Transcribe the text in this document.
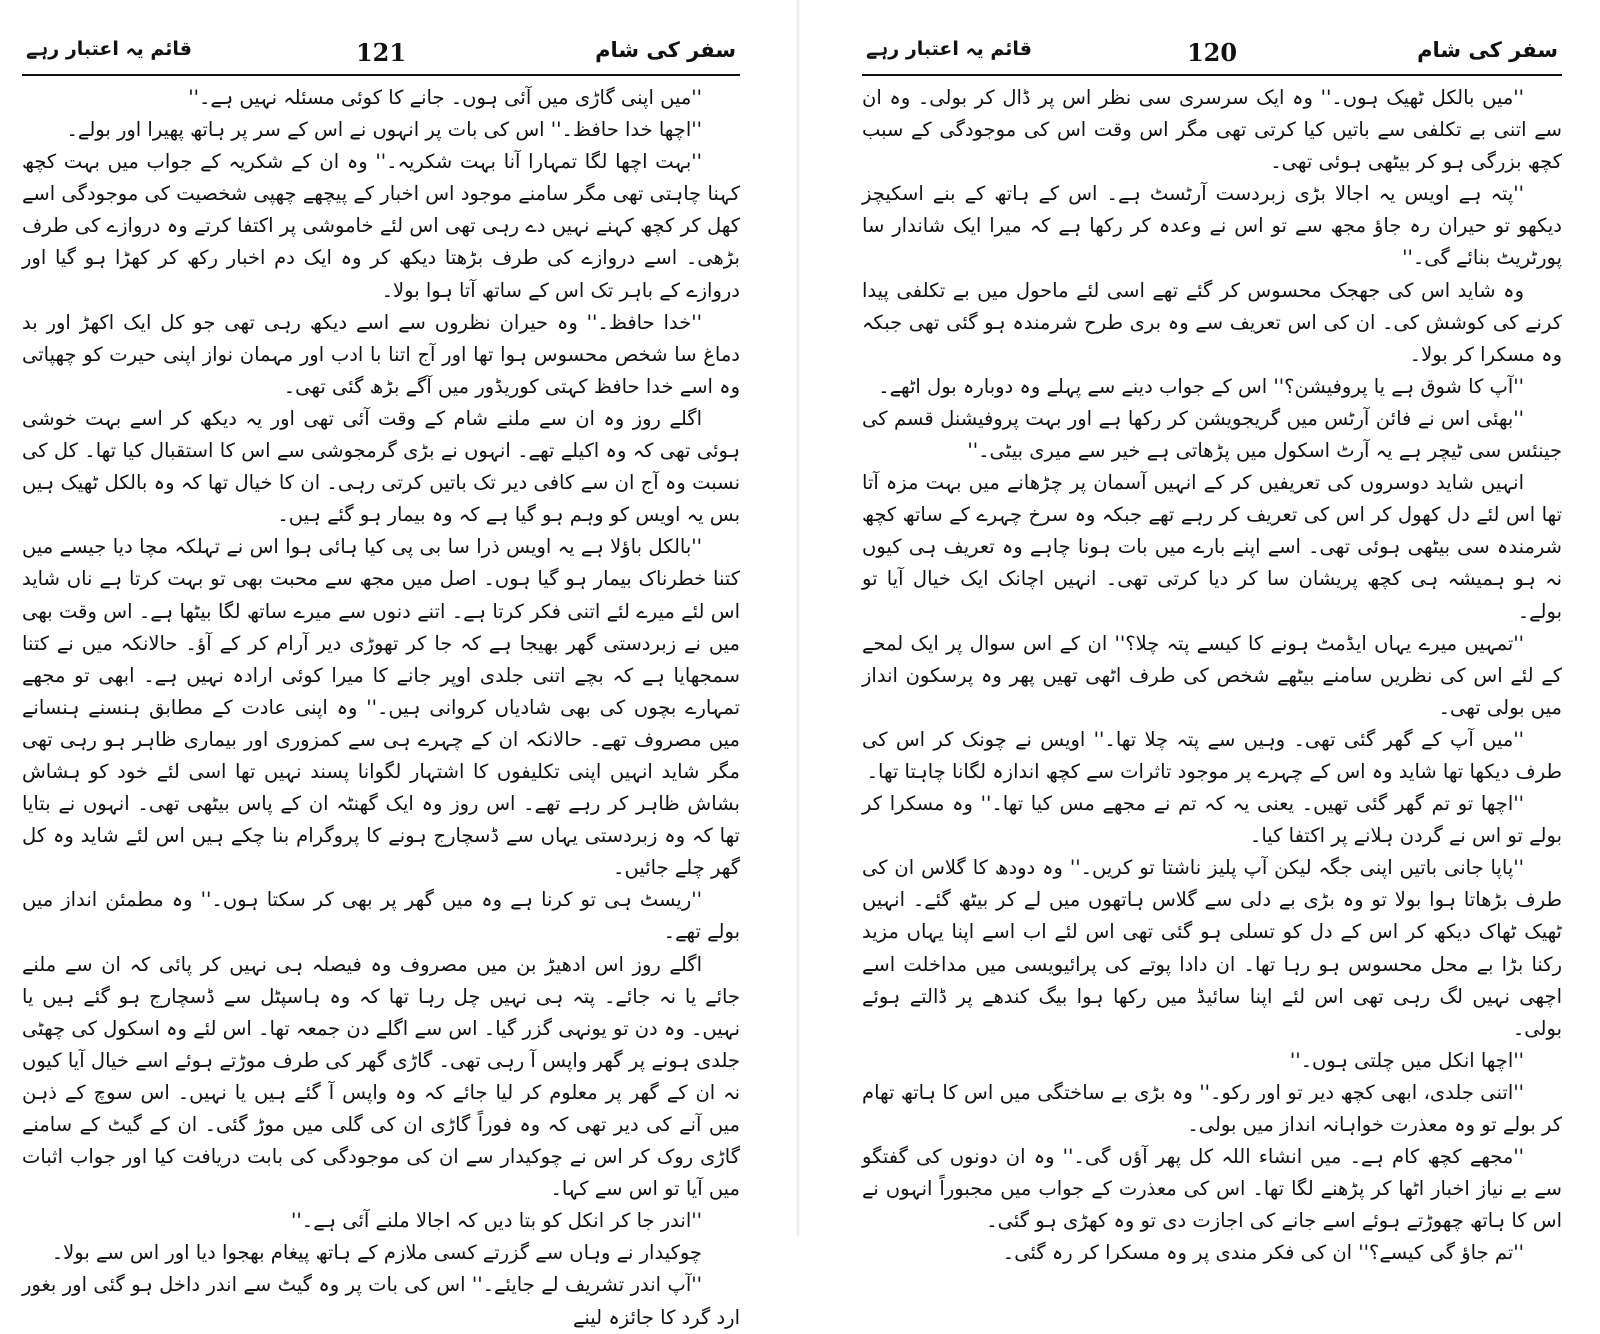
قائم یہ اعتبار رہے	121	سفر کی شام

''میں اپنی گاڑی میں آئی ہوں۔ جانے کا کوئی مسئلہ نہیں ہے۔''

''اچھا خدا حافظ۔'' اس کی بات پر انہوں نے اس کے سر پر ہاتھ پھیرا اور بولے۔

''بہت اچھا لگا تمہارا آنا بہت شکریہ۔'' وہ ان کے شکریہ کے جواب میں بہت کچھ کہنا چاہتی تھی مگر سامنے موجود اس اخبار کے پیچھے چھپی شخصیت کی موجودگی اسے کھل کر کچھ کہنے نہیں دے رہی تھی اس لئے خاموشی پر اکتفا کرتے وہ دروازے کی طرف بڑھی۔ اسے دروازے کی طرف بڑھتا دیکھ کر وہ ایک دم اخبار رکھ کر کھڑا ہو گیا اور دروازے کے باہر تک اس کے ساتھ آتا ہوا بولا۔

''خدا حافظ۔'' وہ حیران نظروں سے اسے دیکھ رہی تھی جو کل ایک اکھڑ اور بد دماغ سا شخص محسوس ہوا تھا اور آج اتنا با ادب اور مہمان نواز اپنی حیرت کو چھپاتی وہ اسے خدا حافظ کہتی کوریڈور میں آگے بڑھ گئی تھی۔

اگلے روز وہ ان سے ملنے شام کے وقت آئی تھی اور یہ دیکھ کر اسے بہت خوشی ہوئی تھی کہ وہ اکیلے تھے۔ انہوں نے بڑی گرمجوشی سے اس کا استقبال کیا تھا۔ کل کی نسبت وہ آج ان سے کافی دیر تک باتیں کرتی رہی۔ ان کا خیال تھا کہ وہ بالکل ٹھیک ہیں بس یہ اویس کو وہم ہو گیا ہے کہ وہ بیمار ہو گئے ہیں۔

''بالکل باؤلا ہے یہ اویس ذرا سا بی پی کیا ہائی ہوا اس نے تہلکہ مچا دیا جیسے میں کتنا خطرناک بیمار ہو گیا ہوں۔ اصل میں مجھ سے محبت بھی تو بہت کرتا ہے ناں شاید اس لئے میرے لئے اتنی فکر کرتا ہے۔ اتنے دنوں سے میرے ساتھ لگا بیٹھا ہے۔ اس وقت بھی میں نے زبردستی گھر بھیجا ہے کہ جا کر تھوڑی دیر آرام کر کے آؤ۔ حالانکہ میں نے کتنا سمجھایا ہے کہ بچے اتنی جلدی اوپر جانے کا میرا کوئی ارادہ نہیں ہے۔ ابھی تو مجھے تمہارے بچوں کی بھی شادیاں کروانی ہیں۔'' وہ اپنی عادت کے مطابق ہنسنے ہنسانے میں مصروف تھے۔ حالانکہ ان کے چہرے ہی سے کمزوری اور بیماری ظاہر ہو رہی تھی مگر شاید انہیں اپنی تکلیفوں کا اشتہار لگوانا پسند نہیں تھا اسی لئے خود کو ہشاش بشاش ظاہر کر رہے تھے۔ اس روز وہ ایک گھنٹہ ان کے پاس بیٹھی تھی۔ انہوں نے بتایا تھا کہ وہ زبردستی یہاں سے ڈسچارج ہونے کا پروگرام بنا چکے ہیں اس لئے شاید وہ کل گھر چلے جائیں۔

''ریسٹ ہی تو کرنا ہے وہ میں گھر پر بھی کر سکتا ہوں۔'' وہ مطمئن انداز میں بولے تھے۔

اگلے روز اس ادھیڑ بن میں مصروف وہ فیصلہ ہی نہیں کر پائی کہ ان سے ملنے جائے یا نہ جائے۔ پتہ ہی نہیں چل رہا تھا کہ وہ ہاسپٹل سے ڈسچارج ہو گئے ہیں یا نہیں۔ وہ دن تو یونہی گزر گیا۔ اس سے اگلے دن جمعہ تھا۔ اس لئے وہ اسکول کی چھٹی جلدی ہونے پر گھر واپس آ رہی تھی۔ گاڑی گھر کی طرف موڑتے ہوئے اسے خیال آیا کیوں نہ ان کے گھر پر معلوم کر لیا جائے کہ وہ واپس آ گئے ہیں یا نہیں۔ اس سوچ کے ذہن میں آنے کی دیر تھی کہ وہ فوراً گاڑی ان کی گلی میں موڑ گئی۔ ان کے گیٹ کے سامنے گاڑی روک کر اس نے چوکیدار سے ان کی موجودگی کی بابت دریافت کیا اور جواب اثبات میں آیا تو اس سے کہا۔

''اندر جا کر انکل کو بتا دیں کہ اجالا ملنے آئی ہے۔''

چوکیدار نے وہاں سے گزرتے کسی ملازم کے ہاتھ پیغام بھجوا دیا اور اس سے بولا۔

''آپ اندر تشریف لے جایئے۔'' اس کی بات پر وہ گیٹ سے اندر داخل ہو گئی اور بغور ارد گرد کا جائزہ لینے

قائم یہ اعتبار رہے	120	سفر کی شام

''میں بالکل ٹھیک ہوں۔'' وہ ایک سرسری سی نظر اس پر ڈال کر بولی۔ وہ ان سے اتنی بے تکلفی سے باتیں کیا کرتی تھی مگر اس وقت اس کی موجودگی کے سبب کچھ بزرگی ہو کر بیٹھی ہوئی تھی۔

''پتہ ہے اویس یہ اجالا بڑی زبردست آرٹسٹ ہے۔ اس کے ہاتھ کے بنے اسکیچز دیکھو تو حیران رہ جاؤ مجھ سے تو اس نے وعدہ کر رکھا ہے کہ میرا ایک شاندار سا پورٹریٹ بنائے گی۔''

وہ شاید اس کی جھجک محسوس کر گئے تھے اسی لئے ماحول میں بے تکلفی پیدا کرنے کی کوشش کی۔ ان کی اس تعریف سے وہ بری طرح شرمندہ ہو گئی تھی جبکہ وہ مسکرا کر بولا۔

''آپ کا شوق ہے یا پروفیشن؟'' اس کے جواب دینے سے پہلے وہ دوبارہ بول اٹھے۔

''بھئی اس نے فائن آرٹس میں گریجویشن کر رکھا ہے اور بہت پروفیشنل قسم کی جینئس سی ٹیچر ہے یہ آرٹ اسکول میں پڑھاتی ہے خیر سے میری بیٹی۔''

انہیں شاید دوسروں کی تعریفیں کر کے انہیں آسمان پر چڑھانے میں بہت مزہ آتا تھا اس لئے دل کھول کر اس کی تعریف کر رہے تھے جبکہ وہ سرخ چہرے کے ساتھ کچھ شرمندہ سی بیٹھی ہوئی تھی۔ اسے اپنے بارے میں بات ہونا چاہے وہ تعریف ہی کیوں نہ ہو ہمیشہ ہی کچھ پریشان سا کر دیا کرتی تھی۔ انہیں اچانک ایک خیال آیا تو بولے۔

''تمہیں میرے یہاں ایڈمٹ ہونے کا کیسے پتہ چلا؟'' ان کے اس سوال پر ایک لمحے کے لئے اس کی نظریں سامنے بیٹھے شخص کی طرف اٹھی تھیں پھر وہ پرسکون انداز میں بولی تھی۔

''میں آپ کے گھر گئی تھی۔ وہیں سے پتہ چلا تھا۔'' اویس نے چونک کر اس کی طرف دیکھا تھا شاید وہ اس کے چہرے پر موجود تاثرات سے کچھ اندازہ لگانا چاہتا تھا۔

''اچھا تو تم گھر گئی تھیں۔ یعنی یہ کہ تم نے مجھے مس کیا تھا۔'' وہ مسکرا کر بولے تو اس نے گردن ہلانے پر اکتفا کیا۔

''پاپا جانی باتیں اپنی جگہ لیکن آپ پلیز ناشتا تو کریں۔'' وہ دودھ کا گلاس ان کی طرف بڑھاتا ہوا بولا تو وہ بڑی بے دلی سے گلاس ہاتھوں میں لے کر بیٹھ گئے۔ انہیں ٹھیک ٹھاک دیکھ کر اس کے دل کو تسلی ہو گئی تھی اس لئے اب اسے اپنا یہاں مزید رکنا بڑا بے محل محسوس ہو رہا تھا۔ ان دادا پوتے کی پرائیویسی میں مداخلت اسے اچھی نہیں لگ رہی تھی اس لئے اپنا سائیڈ میں رکھا ہوا بیگ کندھے پر ڈالتے ہوئے بولی۔

''اچھا انکل میں چلتی ہوں۔''

''اتنی جلدی، ابھی کچھ دیر تو اور رکو۔'' وہ بڑی بے ساختگی میں اس کا ہاتھ تھام کر بولے تو وہ معذرت خواہانہ انداز میں بولی۔

''مجھے کچھ کام ہے۔ میں انشاء اللہ کل پھر آؤں گی۔'' وہ ان دونوں کی گفتگو سے بے نیاز اخبار اٹھا کر پڑھنے لگا تھا۔ اس کی معذرت کے جواب میں مجبوراً انہوں نے اس کا ہاتھ چھوڑتے ہوئے اسے جانے کی اجازت دی تو وہ کھڑی ہو گئی۔

''تم جاؤ گی کیسے؟'' ان کی فکر مندی پر وہ مسکرا کر رہ گئی۔
